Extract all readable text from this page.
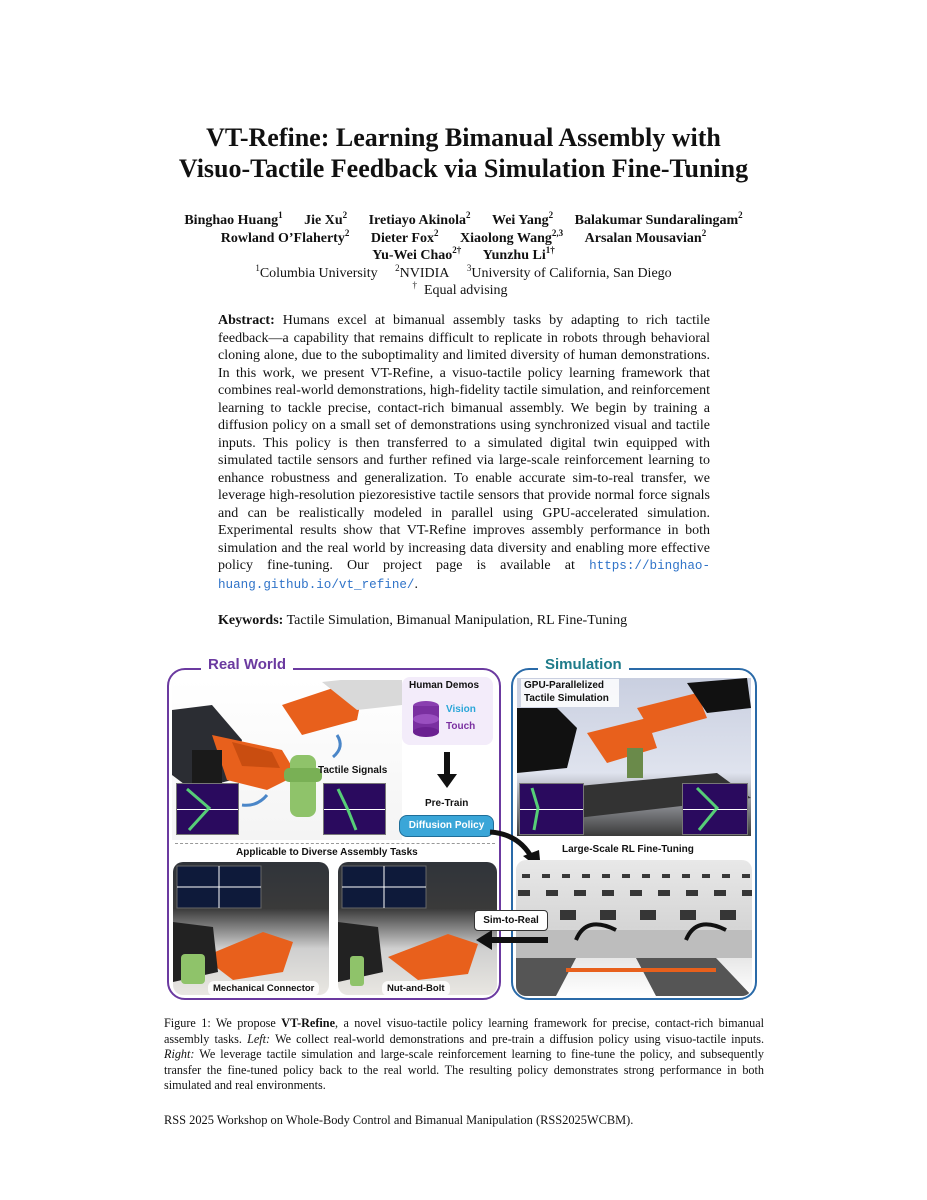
VT-Refine: Learning Bimanual Assembly with
Visuo-Tactile Feedback via Simulation Fine-Tuning
Binghao Huang$^1$ Jie Xu$^2$ Iretiayo Akinola$^2$ Wei Yang$^2$ Balakumar Sundaralingam$^2$
Rowland O’Flaherty$^2$ Dieter Fox$^2$ Xiaolong Wang$^{2,3}$ Arsalan Mousavian$^2$
Yu-Wei Chao$^{2\dagger}$ Yunzhu $Li^{1\dagger}$
$^1$Columbia University $^2$NVIDIA $^3$University of California, San Diego
† Equal advising
Abstract: Humans excel at bimanual assembly tasks by adapting to rich tactile feedback—a capability that remains difficult to replicate in robots through behavioral cloning alone, due to the suboptimality and limited diversity of human demonstrations. In this work, we present VT-Refine, a visuo-tactile policy learning framework that combines real-world demonstrations, high-fidelity tactile simulation, and reinforcement learning to tackle precise, contact-rich bimanual assembly. We begin by training a diffusion policy on a small set of demonstrations using synchronized visual and tactile inputs. This policy is then transferred to a simulated digital twin equipped with simulated tactile sensors and further refined via large-scale reinforcement learning to enhance robustness and generalization. To enable accurate sim-to-real transfer, we leverage high-resolution piezoresistive tactile sensors that provide normal force signals and can be realistically modeled in parallel using GPU-accelerated simulation. Experimental results show that VT-Refine improves assembly performance in both simulation and the real world by increasing data diversity and enabling more effective policy fine-tuning. Our project page is available at https://binghao-huang.github.io/vt_refine/.
Keywords: Tactile Simulation, Bimanual Manipulation, RL Fine-Tuning
Real World	Simulation
Tactile Signals
Human Demos
Vision
Touch
Pre-Train
Diffusion Policy
Applicable to Diverse Assembly Tasks
Mechanical Connector	Nut-and-Bolt
GPU-Parallelized
Tactile Simulation
Large-Scale RL Fine-Tuning
Sim-to-Real
Figure 1: We propose VT-Refine, a novel visuo-tactile policy learning framework for precise, contact-rich bimanual assembly tasks. Left: We collect real-world demonstrations and pre-train a diffusion policy using visuo-tactile inputs. Right: We leverage tactile simulation and large-scale reinforcement learning to fine-tune the policy, and subsequently transfer the fine-tuned policy back to the real world. The resulting policy demonstrates strong performance in both simulated and real environments.
RSS 2025 Workshop on Whole-Body Control and Bimanual Manipulation (RSS2025WCBM).
